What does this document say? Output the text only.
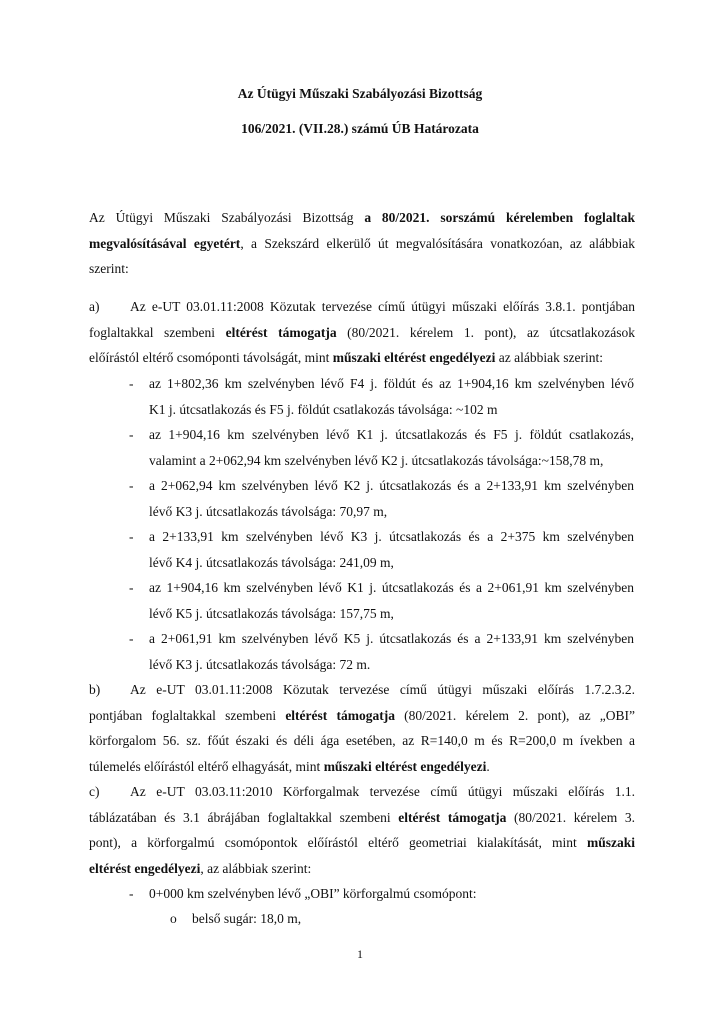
Az Útügyi Műszaki Szabályozási Bizottság
106/2021. (VII.28.) számú ÚB Határozata
Az Útügyi Műszaki Szabályozási Bizottság a 80/2021. sorszámú kérelemben foglaltak
megvalósításával egyetért, a Szekszárd elkerülő út megvalósítására vonatkozóan, az alábbiak
szerint:
a) Az e-UT 03.01.11:2008 Közutak tervezése című útügyi műszaki előírás 3.8.1. pontjában
foglaltakkal szembeni eltérést támogatja (80/2021. kérelem 1. pont), az útcsatlakozások
előírástól eltérő csomóponti távolságát, mint műszaki eltérést engedélyezi az alábbiak szerint:
- az 1+802,36 km szelvényben lévő F4 j. földút és az 1+904,16 km szelvényben lévő
K1 j. útcsatlakozás és F5 j. földút csatlakozás távolsága: ~102 m
- az 1+904,16 km szelvényben lévő K1 j. útcsatlakozás és F5 j. földút csatlakozás,
valamint a 2+062,94 km szelvényben lévő K2 j. útcsatlakozás távolsága:~158,78 m,
- a 2+062,94 km szelvényben lévő K2 j. útcsatlakozás és a 2+133,91 km szelvényben
lévő K3 j. útcsatlakozás távolsága: 70,97 m,
- a 2+133,91 km szelvényben lévő K3 j. útcsatlakozás és a 2+375 km szelvényben
lévő K4 j. útcsatlakozás távolsága: 241,09 m,
- az 1+904,16 km szelvényben lévő K1 j. útcsatlakozás és a 2+061,91 km szelvényben
lévő K5 j. útcsatlakozás távolsága: 157,75 m,
- a 2+061,91 km szelvényben lévő K5 j. útcsatlakozás és a 2+133,91 km szelvényben
lévő K3 j. útcsatlakozás távolsága: 72 m.
b) Az e-UT 03.01.11:2008 Közutak tervezése című útügyi műszaki előírás 1.7.2.3.2.
pontjában foglaltakkal szembeni eltérést támogatja (80/2021. kérelem 2. pont), az „OBI”
körforgalom 56. sz. főút északi és déli ága esetében, az R=140,0 m és R=200,0 m ívekben a
túlemelés előírástól eltérő elhagyását, mint műszaki eltérést engedélyezi.
c) Az e-UT 03.03.11:2010 Körforgalmak tervezése című útügyi műszaki előírás 1.1.
táblázatában és 3.1 ábrájában foglaltakkal szembeni eltérést támogatja (80/2021. kérelem 3.
pont), a körforgalmú csomópontok előírástól eltérő geometriai kialakítását, mint műszaki
eltérést engedélyezi, az alábbiak szerint:
- 0+000 km szelvényben lévő „OBI” körforgalmú csomópont:
o belső sugár: 18,0 m,
1
